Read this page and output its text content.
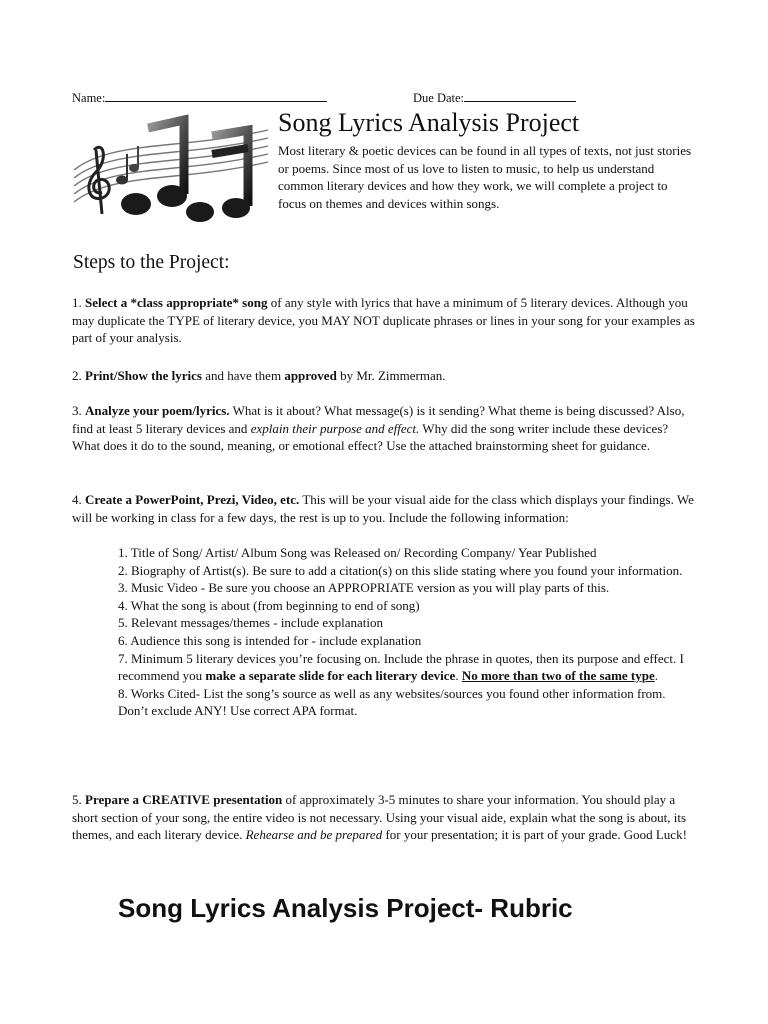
Name:	Due Date:
Song Lyrics Analysis Project
Most literary & poetic devices can be found in all types of texts, not just stories or poems. Since most of us love to listen to music, to help us understand common literary devices and how they work, we will complete a project to focus on themes and devices within songs.
Steps to the Project:
1. Select a *class appropriate* song of any style with lyrics that have a minimum of 5 literary devices. Although you may duplicate the TYPE of literary device, you MAY NOT duplicate phrases or lines in your song for your examples as part of your analysis.
2. Print/Show the lyrics and have them approved by Mr. Zimmerman.
3. Analyze your poem/lyrics. What is it about? What message(s) is it sending? What theme is being discussed? Also, find at least 5 literary devices and explain their purpose and effect. Why did the song writer include these devices? What does it do to the sound, meaning, or emotional effect? Use the attached brainstorming sheet for guidance.
4. Create a PowerPoint, Prezi, Video, etc. This will be your visual aide for the class which displays your findings. We will be working in class for a few days, the rest is up to you. Include the following information:
1. Title of Song/ Artist/ Album Song was Released on/ Recording Company/ Year Published
2. Biography of Artist(s). Be sure to add a citation(s) on this slide stating where you found your information.
3. Music Video - Be sure you choose an APPROPRIATE version as you will play parts of this.
4. What the song is about (from beginning to end of song)
5. Relevant messages/themes - include explanation
6. Audience this song is intended for - include explanation
7. Minimum 5 literary devices you’re focusing on. Include the phrase in quotes, then its purpose and effect. I recommend you make a separate slide for each literary device. No more than two of the same type.
8. Works Cited- List the song’s source as well as any websites/sources you found other information from. Don’t exclude ANY! Use correct APA format.
5. Prepare a CREATIVE presentation of approximately 3-5 minutes to share your information. You should play a short section of your song, the entire video is not necessary. Using your visual aide, explain what the song is about, its themes, and each literary device. Rehearse and be prepared for your presentation; it is part of your grade. Good Luck!
Song Lyrics Analysis Project- Rubric
